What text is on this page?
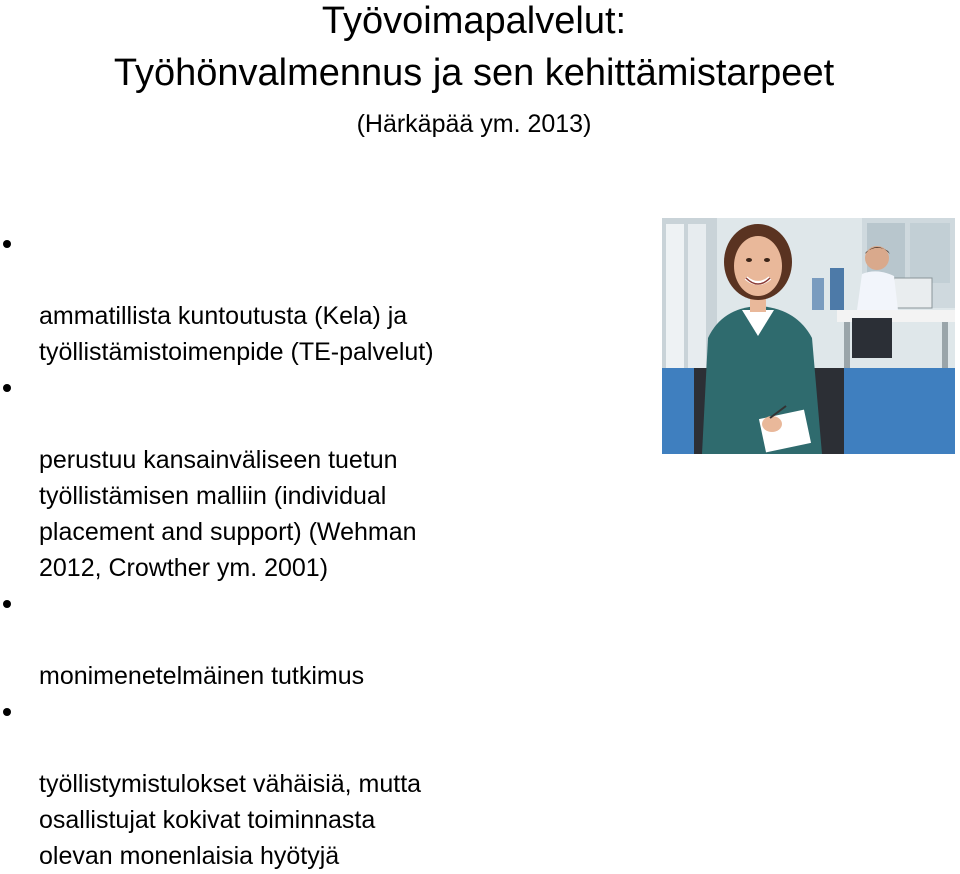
Työvoimapalvelut:
Työhönvalmennus ja sen kehittämistarpeet
(Härkäpää ym. 2013)

ammatillista kuntoutusta (Kela) ja
työllistämistoimenpide (TE-palvelut)

perustuu kansainväliseen tuetun
työllistämisen malliin (individual
placement and support) (Wehman
2012, Crowther ym. 2001)

monimenetelmäinen tutkimus

työllistymistulokset vähäisiä, mutta
osallistujat kokivat toiminnasta
olevan monenlaisia hyötyjä
